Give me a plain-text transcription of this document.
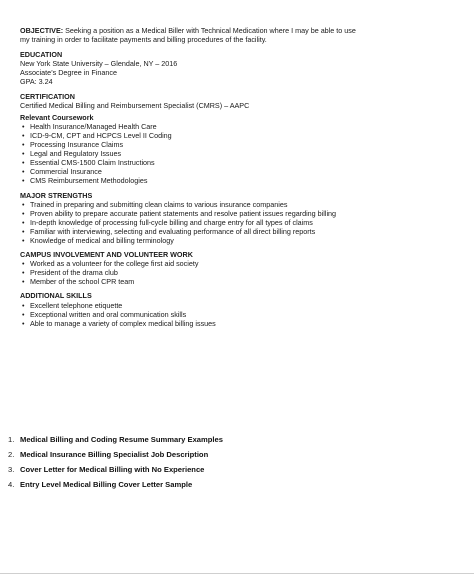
OBJECTIVE: Seeking a position as a Medical Biller with Technical Medication where I may be able to use
my training in order to facilitate payments and billing procedures of the facility.
EDUCATION
New York State University – Glendale, NY – 2016
Associate’s Degree in Finance
GPA: 3.24
CERTIFICATION
Certified Medical Billing and Reimbursement Specialist (CMRS) – AAPC
Relevant Coursework
• Health Insurance/Managed Health Care
• ICD-9-CM, CPT and HCPCS Level II Coding
• Processing Insurance Claims
• Legal and Regulatory Issues
• Essential CMS-1500 Claim Instructions
• Commercial Insurance
• CMS Reimbursement Methodologies
MAJOR STRENGTHS
• Trained in preparing and submitting clean claims to various insurance companies
• Proven ability to prepare accurate patient statements and resolve patient issues regarding billing
• In-depth knowledge of processing full-cycle billing and charge entry for all types of claims
• Familiar with interviewing, selecting and evaluating performance of all direct billing reports
• Knowledge of medical and billing terminology
CAMPUS INVOLVEMENT AND VOLUNTEER WORK
• Worked as a volunteer for the college first aid society
• President of the drama club
• Member of the school CPR team
ADDITIONAL SKILLS
• Excellent telephone etiquette
• Exceptional written and oral communication skills
• Able to manage a variety of complex medical billing issues
1. Medical Billing and Coding Resume Summary Examples
2. Medical Insurance Billing Specialist Job Description
3. Cover Letter for Medical Billing with No Experience
4. Entry Level Medical Billing Cover Letter Sample
